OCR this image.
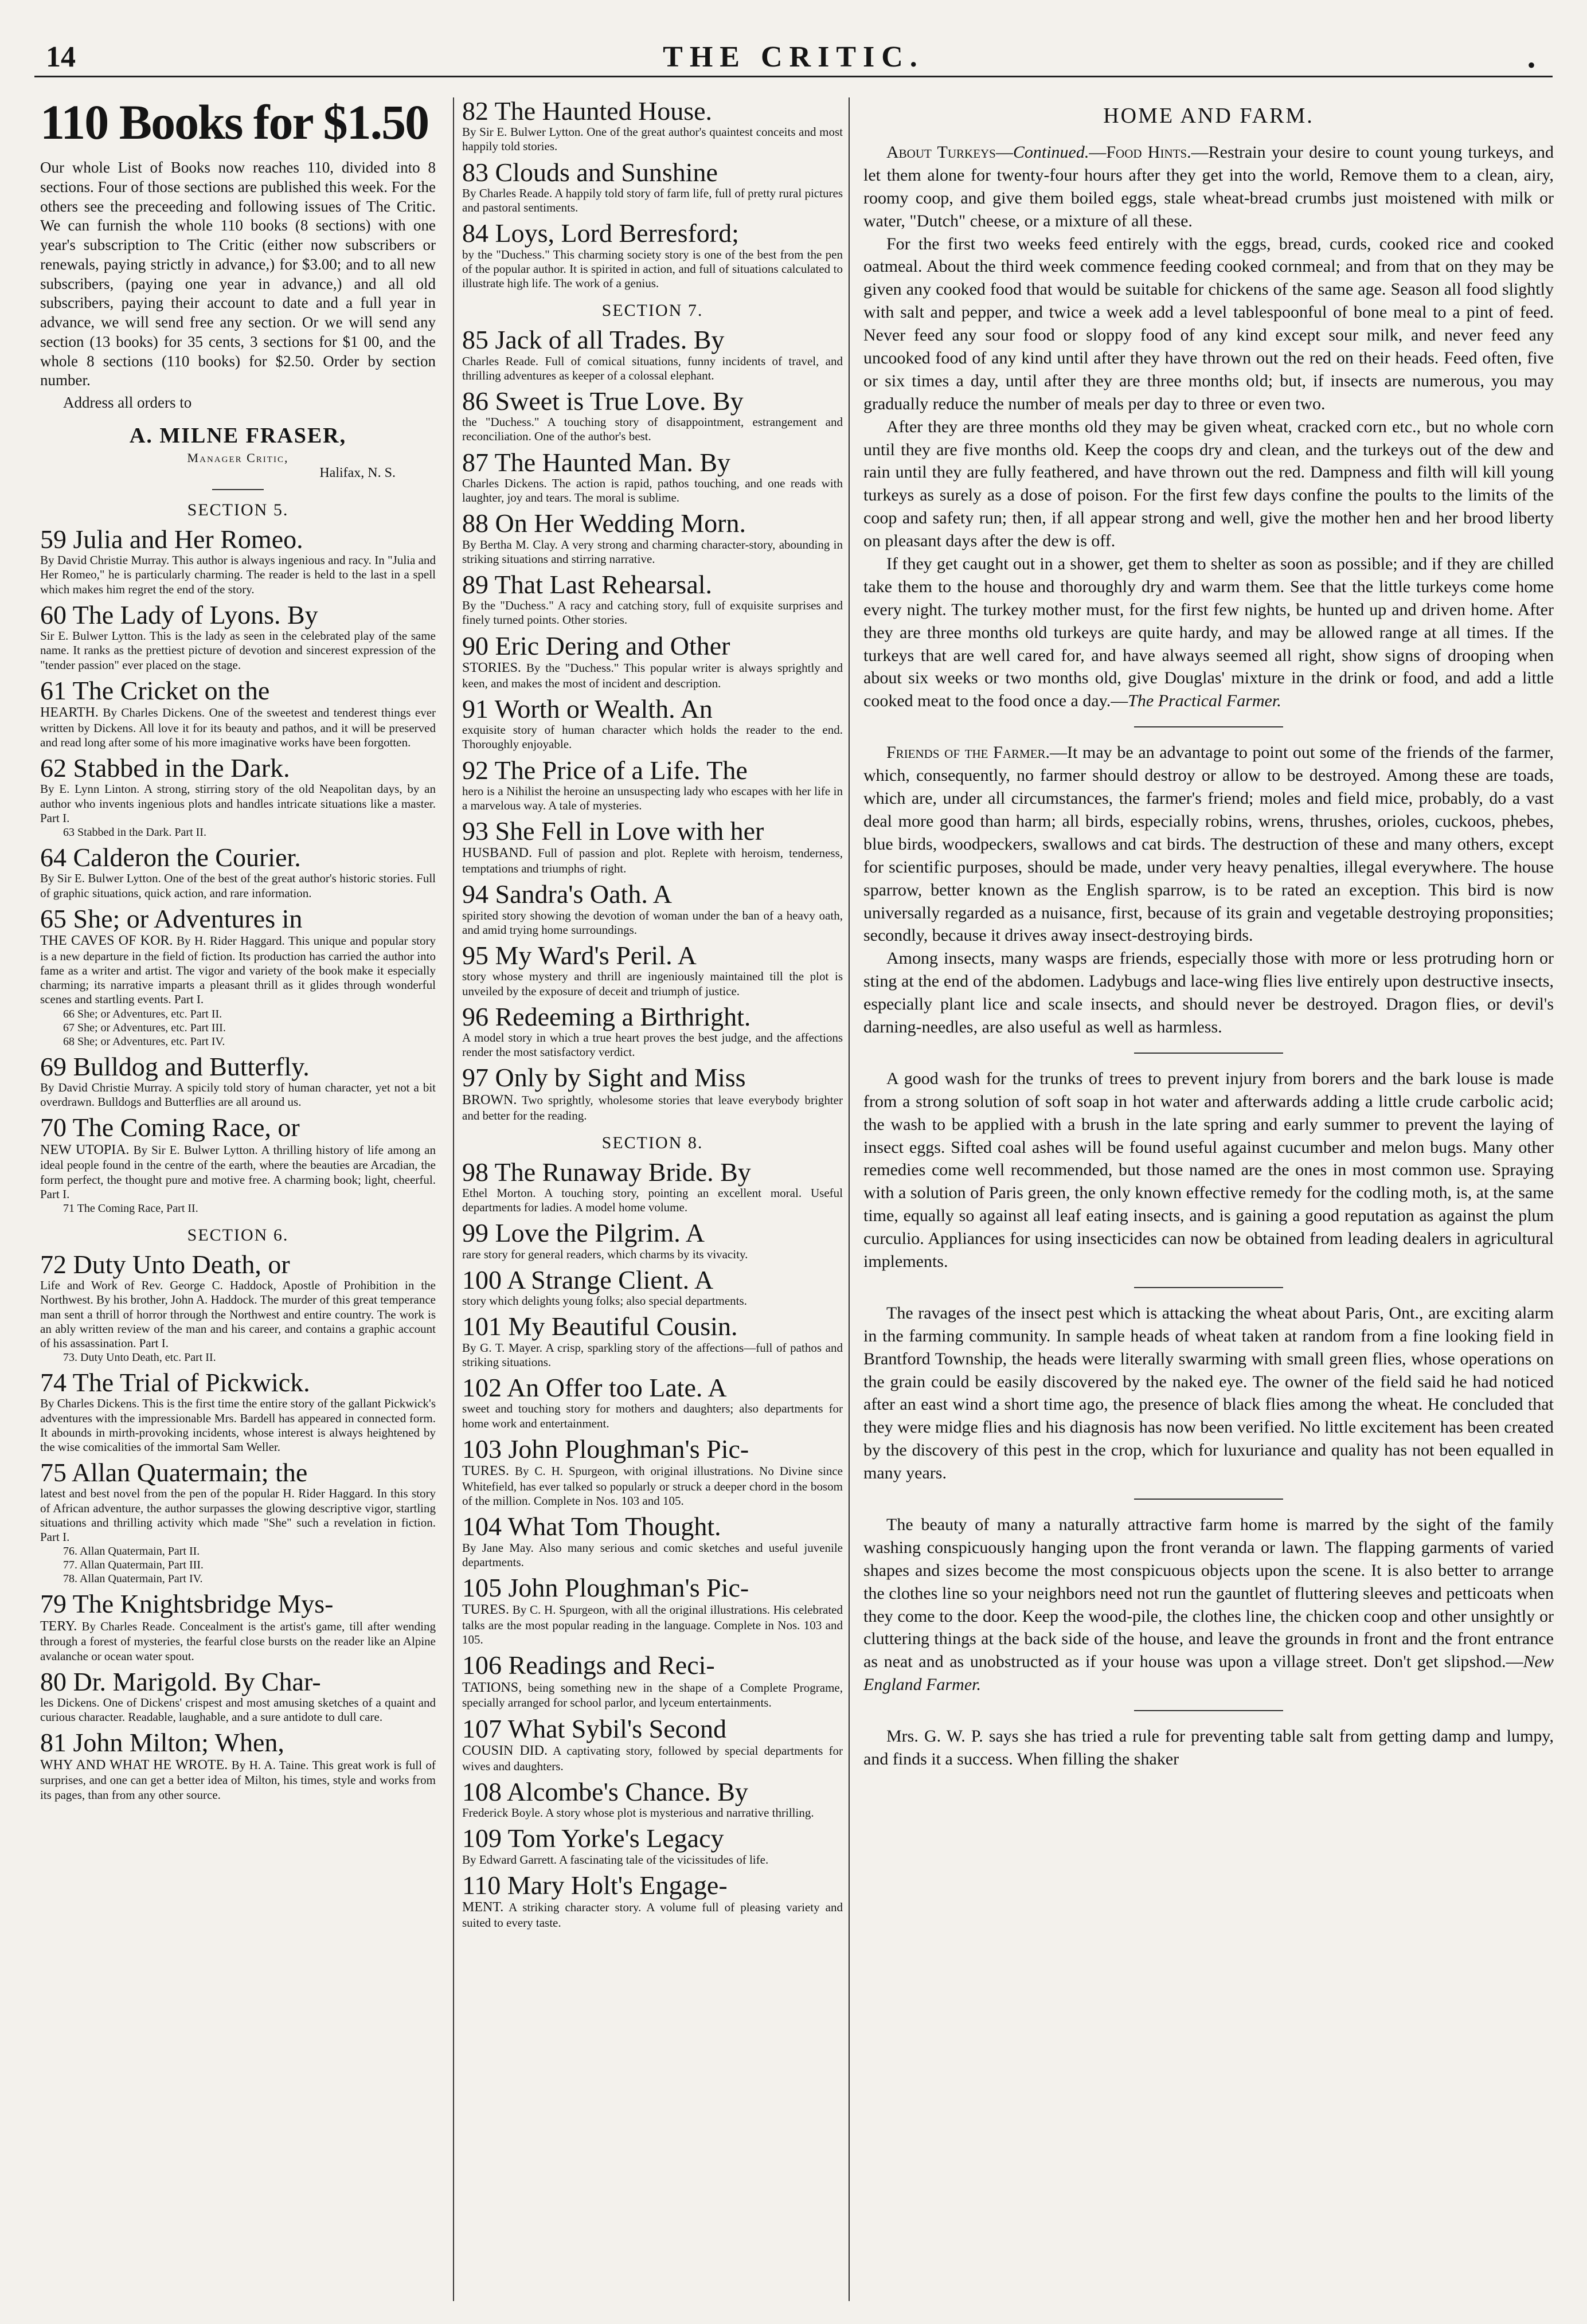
14	THE CRITIC.	•
110 Books for $1.50
Our whole List of Books now reaches 110, divided into 8 sections. Four of those sections are published this week. For the others see the preceeding and following issues of The Critic. We can furnish the whole 110 books (8 sections) with one year's subscription to The Critic (either now subscribers or renewals, paying strictly in advance,) for $3.00; and to all new subscribers, (paying one year in advance,) and all old subscribers, paying their account to date and a full year in advance, we will send free any section. Or we will send any section (13 books) for 35 cents, 3 sections for $1 00, and the whole 8 sections (110 books) for $2.50. Order by section number.
Address all orders to
A. MILNE FRASER,
Manager Critic,
Halifax, N. S.
SECTION 5.
59 Julia and Her Romeo.
By David Christie Murray. This author is always ingenious and racy. In "Julia and Her Romeo," he is particularly charming. The reader is held to the last in a spell which makes him regret the end of the story.
60 The Lady of Lyons. By
Sir E. Bulwer Lytton. This is the lady as seen in the celebrated play of the same name. It ranks as the prettiest picture of devotion and sincerest expression of the "tender passion" ever placed on the stage.
61 The Cricket on the
HEARTH. By Charles Dickens. One of the sweetest and tenderest things ever written by Dickens. All love it for its beauty and pathos, and it will be preserved and read long after some of his more imaginative works have been forgotten.
62 Stabbed in the Dark.
By E. Lynn Linton. A strong, stirring story of the old Neapolitan days, by an author who invents ingenious plots and handles intricate situations like a master. Part I.
63 Stabbed in the Dark. Part II.
64 Calderon the Courier.
By Sir E. Bulwer Lytton. One of the best of the great author's historic stories. Full of graphic situations, quick action, and rare information.
65 She; or Adventures in
THE CAVES OF KOR. By H. Rider Haggard. This unique and popular story is a new departure in the field of fiction. Its production has carried the author into fame as a writer and artist. The vigor and variety of the book make it especially charming; its narrative imparts a pleasant thrill as it glides through wonderful scenes and startling events. Part I.
66 She; or Adventures, etc. Part II.
67 She; or Adventures, etc. Part III.
68 She; or Adventures, etc. Part IV.
69 Bulldog and Butterfly.
By David Christie Murray. A spicily told story of human character, yet not a bit overdrawn. Bulldogs and Butterflies are all around us.
70 The Coming Race, or
NEW UTOPIA. By Sir E. Bulwer Lytton. A thrilling history of life among an ideal people found in the centre of the earth, where the beauties are Arcadian, the form perfect, the thought pure and motive free. A charming book; light, cheerful. Part I.
71 The Coming Race, Part II.
SECTION 6.
72 Duty Unto Death, or
Life and Work of Rev. George C. Haddock, Apostle of Prohibition in the Northwest. By his brother, John A. Haddock. The murder of this great temperance man sent a thrill of horror through the Northwest and entire country. The work is an ably written review of the man and his career, and contains a graphic account of his assassination. Part I.
73. Duty Unto Death, etc. Part II.
74 The Trial of Pickwick.
By Charles Dickens. This is the first time the entire story of the gallant Pickwick's adventures with the impressionable Mrs. Bardell has appeared in connected form. It abounds in mirth-provoking incidents, whose interest is always heightened by the wise comicalities of the immortal Sam Weller.
75 Allan Quatermain; the
latest and best novel from the pen of the popular H. Rider Haggard. In this story of African adventure, the author surpasses the glowing descriptive vigor, startling situations and thrilling activity which made "She" such a revelation in fiction. Part I.
76. Allan Quatermain, Part II.
77. Allan Quatermain, Part III.
78. Allan Quatermain, Part IV.
79 The Knightsbridge Mys-
TERY. By Charles Reade. Concealment is the artist's game, till after wending through a forest of mysteries, the fearful close bursts on the reader like an Alpine avalanche or ocean water spout.
80 Dr. Marigold. By Char-
les Dickens. One of Dickens' crispest and most amusing sketches of a quaint and curious character. Readable, laughable, and a sure antidote to dull care.
81 John Milton; When,
WHY AND WHAT HE WROTE. By H. A. Taine. This great work is full of surprises, and one can get a better idea of Milton, his times, style and works from its pages, than from any other source.
82 The Haunted House.
By Sir E. Bulwer Lytton. One of the great author's quaintest conceits and most happily told stories.
83 Clouds and Sunshine
By Charles Reade. A happily told story of farm life, full of pretty rural pictures and pastoral sentiments.
84 Loys, Lord Berresford;
by the "Duchess." This charming society story is one of the best from the pen of the popular author. It is spirited in action, and full of situations calculated to illustrate high life. The work of a genius.
SECTION 7.
85 Jack of all Trades. By
Charles Reade. Full of comical situations, funny incidents of travel, and thrilling adventures as keeper of a colossal elephant.
86 Sweet is True Love. By
the "Duchess." A touching story of disappointment, estrangement and reconciliation. One of the author's best.
87 The Haunted Man. By
Charles Dickens. The action is rapid, pathos touching, and one reads with laughter, joy and tears. The moral is sublime.
88 On Her Wedding Morn.
By Bertha M. Clay. A very strong and charming character-story, abounding in striking situations and stirring narrative.
89 That Last Rehearsal.
By the "Duchess." A racy and catching story, full of exquisite surprises and finely turned points. Other stories.
90 Eric Dering and Other
STORIES. By the "Duchess." This popular writer is always sprightly and keen, and makes the most of incident and description.
91 Worth or Wealth. An
exquisite story of human character which holds the reader to the end. Thoroughly enjoyable.
92 The Price of a Life. The
hero is a Nihilist the heroine an unsuspecting lady who escapes with her life in a marvelous way. A tale of mysteries.
93 She Fell in Love with her
HUSBAND. Full of passion and plot. Replete with heroism, tenderness, temptations and triumphs of right.
94 Sandra's Oath. A
spirited story showing the devotion of woman under the ban of a heavy oath, and amid trying home surroundings.
95 My Ward's Peril. A
story whose mystery and thrill are ingeniously maintained till the plot is unveiled by the exposure of deceit and triumph of justice.
96 Redeeming a Birthright.
A model story in which a true heart proves the best judge, and the affections render the most satisfactory verdict.
97 Only by Sight and Miss
BROWN. Two sprightly, wholesome stories that leave everybody brighter and better for the reading.
SECTION 8.
98 The Runaway Bride. By
Ethel Morton. A touching story, pointing an excellent moral. Useful departments for ladies. A model home volume.
99 Love the Pilgrim. A
rare story for general readers, which charms by its vivacity.
100 A Strange Client. A
story which delights young folks; also special departments.
101 My Beautiful Cousin.
By G. T. Mayer. A crisp, sparkling story of the affections—full of pathos and striking situations.
102 An Offer too Late. A
sweet and touching story for mothers and daughters; also departments for home work and entertainment.
103 John Ploughman's Pic-
TURES. By C. H. Spurgeon, with original illustrations. No Divine since Whitefield, has ever talked so popularly or struck a deeper chord in the bosom of the million. Complete in Nos. 103 and 105.
104 What Tom Thought.
By Jane May. Also many serious and comic sketches and useful juvenile departments.
105 John Ploughman's Pic-
TURES. By C. H. Spurgeon, with all the original illustrations. His celebrated talks are the most popular reading in the language. Complete in Nos. 103 and 105.
106 Readings and Reci-
TATIONS, being something new in the shape of a Complete Programe, specially arranged for school parlor, and lyceum entertainments.
107 What Sybil's Second
COUSIN DID. A captivating story, followed by special departments for wives and daughters.
108 Alcombe's Chance. By
Frederick Boyle. A story whose plot is mysterious and narrative thrilling.
109 Tom Yorke's Legacy
By Edward Garrett. A fascinating tale of the vicissitudes of life.
110 Mary Holt's Engage-
MENT. A striking character story. A volume full of pleasing variety and suited to every taste.
HOME AND FARM.

About Turkeys—Continued.—Food Hints.—Restrain your desire to count young turkeys, and let them alone for twenty-four hours after they get into the world, Remove them to a clean, airy, roomy coop, and give them boiled eggs, stale wheat-bread crumbs just moistened with milk or water, "Dutch" cheese, or a mixture of all these.

For the first two weeks feed entirely with the eggs, bread, curds, cooked rice and cooked oatmeal. About the third week commence feeding cooked cornmeal; and from that on they may be given any cooked food that would be suitable for chickens of the same age. Season all food slightly with salt and pepper, and twice a week add a level tablespoonful of bone meal to a pint of feed. Never feed any sour food or sloppy food of any kind except sour milk, and never feed any uncooked food of any kind until after they have thrown out the red on their heads. Feed often, five or six times a day, until after they are three months old; but, if insects are numerous, you may gradually reduce the number of meals per day to three or even two.

After they are three months old they may be given wheat, cracked corn etc., but no whole corn until they are five months old. Keep the coops dry and clean, and the turkeys out of the dew and rain until they are fully feathered, and have thrown out the red. Dampness and filth will kill young turkeys as surely as a dose of poison. For the first few days confine the poults to the limits of the coop and safety run; then, if all appear strong and well, give the mother hen and her brood liberty on pleasant days after the dew is off.

If they get caught out in a shower, get them to shelter as soon as possible; and if they are chilled take them to the house and thoroughly dry and warm them. See that the little turkeys come home every night. The turkey mother must, for the first few nights, be hunted up and driven home. After they are three months old turkeys are quite hardy, and may be allowed range at all times. If the turkeys that are well cared for, and have always seemed all right, show signs of drooping when about six weeks or two months old, give Douglas' mixture in the drink or food, and add a little cooked meat to the food once a day.—The Practical Farmer.

Friends of the Farmer.—It may be an advantage to point out some of the friends of the farmer, which, consequently, no farmer should destroy or allow to be destroyed. Among these are toads, which are, under all circumstances, the farmer's friend; moles and field mice, probably, do a vast deal more good than harm; all birds, especially robins, wrens, thrushes, orioles, cuckoos, phebes, blue birds, woodpeckers, swallows and cat birds. The destruction of these and many others, except for scientific purposes, should be made, under very heavy penalties, illegal everywhere. The house sparrow, better known as the English sparrow, is to be rated an exception. This bird is now universally regarded as a nuisance, first, because of its grain and vegetable destroying proponsities; secondly, because it drives away insect-destroying birds.

Among insects, many wasps are friends, especially those with more or less protruding horn or sting at the end of the abdomen. Ladybugs and lace-wing flies live entirely upon destructive insects, especially plant lice and scale insects, and should never be destroyed. Dragon flies, or devil's darning-needles, are also useful as well as harmless.

A good wash for the trunks of trees to prevent injury from borers and the bark louse is made from a strong solution of soft soap in hot water and afterwards adding a little crude carbolic acid; the wash to be applied with a brush in the late spring and early summer to prevent the laying of insect eggs. Sifted coal ashes will be found useful against cucumber and melon bugs. Many other remedies come well recommended, but those named are the ones in most common use. Spraying with a solution of Paris green, the only known effective remedy for the codling moth, is, at the same time, equally so against all leaf eating insects, and is gaining a good reputation as against the plum curculio. Appliances for using insecticides can now be obtained from leading dealers in agricultural implements.

The ravages of the insect pest which is attacking the wheat about Paris, Ont., are exciting alarm in the farming community. In sample heads of wheat taken at random from a fine looking field in Brantford Township, the heads were literally swarming with small green flies, whose operations on the grain could be easily discovered by the naked eye. The owner of the field said he had noticed after an east wind a short time ago, the presence of black flies among the wheat. He concluded that they were midge flies and his diagnosis has now been verified. No little excitement has been created by the discovery of this pest in the crop, which for luxuriance and quality has not been equalled in many years.

The beauty of many a naturally attractive farm home is marred by the sight of the family washing conspicuously hanging upon the front veranda or lawn. The flapping garments of varied shapes and sizes become the most conspicuous objects upon the scene. It is also better to arrange the clothes line so your neighbors need not run the gauntlet of fluttering sleeves and petticoats when they come to the door. Keep the wood-pile, the clothes line, the chicken coop and other unsightly or cluttering things at the back side of the house, and leave the grounds in front and the front entrance as neat and as unobstructed as if your house was upon a village street. Don't get slipshod.—New England Farmer.

Mrs. G. W. P. says she has tried a rule for preventing table salt from getting damp and lumpy, and finds it a success. When filling the shaker
